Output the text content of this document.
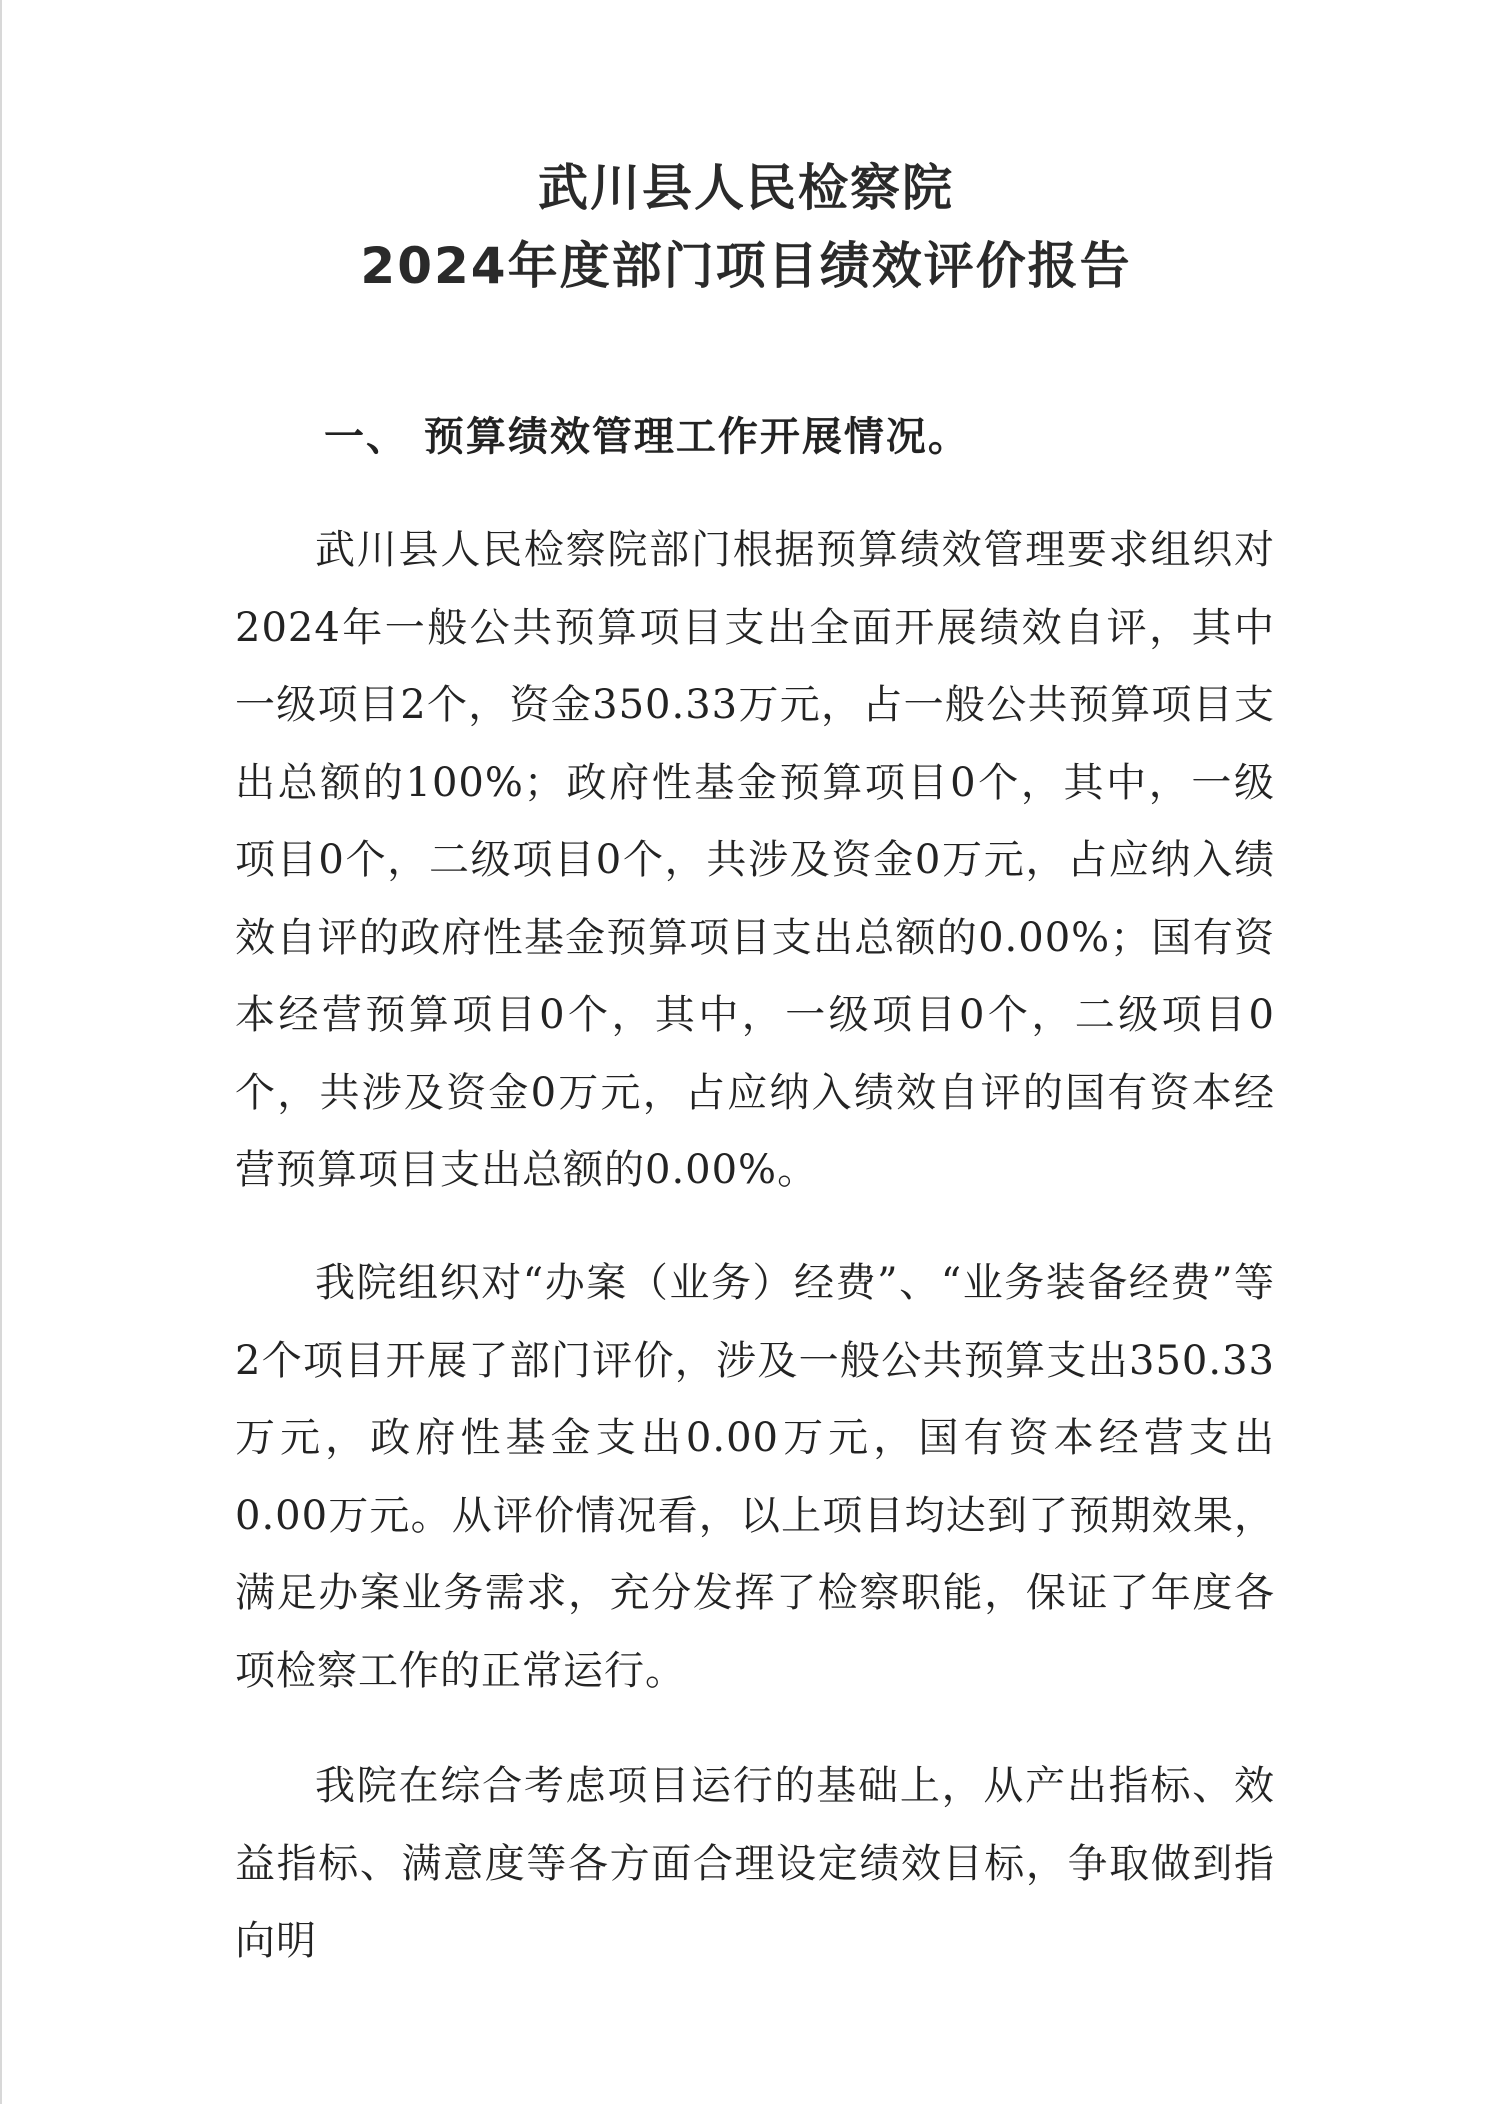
武川县人民检察院
2024年度部门项目绩效评价报告
一、 预算绩效管理工作开展情况。

武川县人民检察院部门根据预算绩效管理要求组织对2024年一般公共预算项目支出全面开展绩效自评，其中一级项目2个，资金350.33万元，占一般公共预算项目支出总额的100%；政府性基金预算项目0个，其中，一级项目0个，二级项目0个，共涉及资金0万元，占应纳入绩效自评的政府性基金预算项目支出总额的0.00%；国有资本经营预算项目0个，其中，一级项目0个，二级项目0个，共涉及资金0万元，占应纳入绩效自评的国有资本经营预算项目支出总额的0.00%。

我院组织对“办案（业务）经费”、“业务装备经费”等2个项目开展了部门评价，涉及一般公共预算支出350.33万元，政府性基金支出0.00万元，国有资本经营支出0.00万元。从评价情况看，以上项目均达到了预期效果，满足办案业务需求，充分发挥了检察职能，保证了年度各项检察工作的正常运行。

我院在综合考虑项目运行的基础上，从产出指标、效益指标、满意度等各方面合理设定绩效目标，争取做到指向明
